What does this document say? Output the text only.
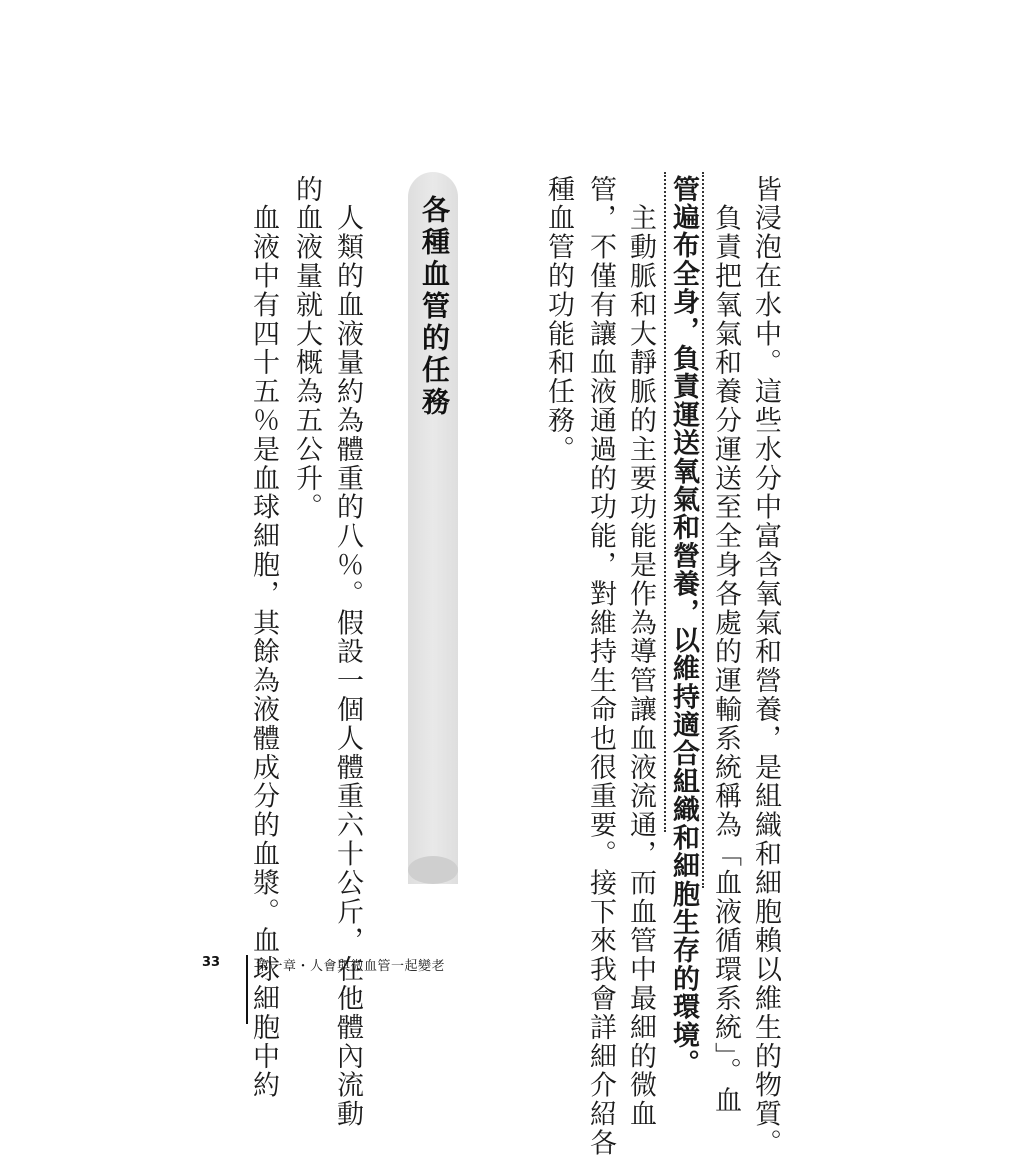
皆浸泡在水中。這些水分中富含氧氣和營養，是組織和細胞賴以維生的物質。
　負責把氧氣和養分運送至全身各處的運輸系統稱為「血液循環系統」。血
管遍布全身，負責運送氧氣和營養，以維持適合組織和細胞生存的環境。
　主動脈和大靜脈的主要功能是作為導管讓血液流通，而血管中最細的微血
管，不僅有讓血液通過的功能，對維持生命也很重要。接下來我會詳細介紹各
種血管的功能和任務。
各種血管的任務
　人類的血液量約為體重的八％。假設一個人體重六十公斤，在他體內流動
的血液量就大概為五公升。
　血液中有四十五％是血球細胞，其餘為液體成分的血漿。血球細胞中約
33	第一章・人會與微血管一起變老
